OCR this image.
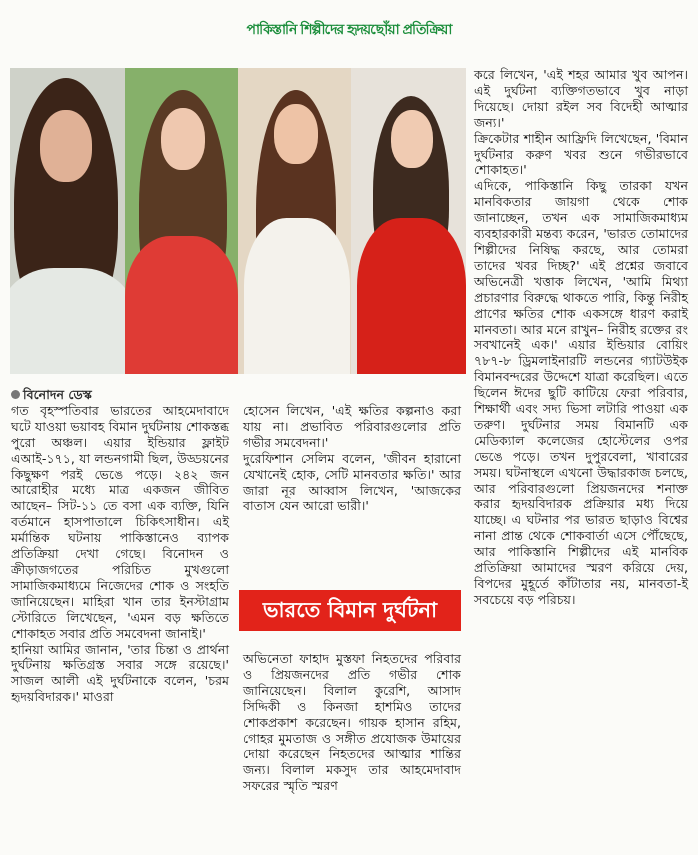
পাকিস্তানি শিল্পীদের হৃদয়ছোঁয়া প্রতিক্রিয়া
বিনোদন ডেস্ক

গত বৃহস্পতিবার ভারতের আহমেদাবাদে ঘটে যাওয়া ভয়াবহ বিমান দুর্ঘটনায় শোকস্তব্ধ পুরো অঞ্চল। এয়ার ইন্ডিয়ার ফ্লাইট এআই-১৭১, যা লন্ডনগামী ছিল, উড্ডয়নের কিছুক্ষণ পরই ভেঙে পড়ে। ২৪২ জন আরোহীর মধ্যে মাত্র একজন জীবিত আছেন– সিট-১১ তে বসা এক ব্যক্তি, যিনি বর্তমানে হাসপাতালে চিকিৎসাধীন। এই মর্মান্তিক ঘটনায় পাকিস্তানেও ব্যাপক প্রতিক্রিয়া দেখা গেছে। বিনোদন ও ক্রীড়াজগতের পরিচিত মুখগুলো সামাজিকমাধ্যমে নিজেদের শোক ও সংহতি জানিয়েছেন। মাহিরা খান তার ইনস্টাগ্রাম স্টোরিতে লিখেছেন, 'এমন বড় ক্ষতিতে শোকাহত সবার প্রতি সমবেদনা জানাই।'

হানিয়া আমির জানান, 'তার চিন্তা ও প্রার্থনা দুর্ঘটনায় ক্ষতিগ্রস্ত সবার সঙ্গে রয়েছে।' সাজল আলী এই দুর্ঘটনাকে বলেন, 'চরম হৃদয়বিদারক।' মাওরা

হোসেন লিখেন, 'এই ক্ষতির কল্পনাও করা যায় না। প্রভাবিত পরিবারগুলোর প্রতি গভীর সমবেদনা।'

দুরেফিশান সেলিম বলেন, 'জীবন হারানো যেখানেই হোক, সেটি মানবতার ক্ষতি।' আর জারা নূর আব্বাস লিখেন, 'আজকের বাতাস যেন আরো ভারী।'

ভারতে বিমান দুর্ঘটনা

অভিনেতা ফাহাদ মুস্তফা নিহতদের পরিবার ও প্রিয়জনদের প্রতি গভীর শোক জানিয়েছেন। বিলাল কুরেশি, আসাদ সিদ্দিকী ও কিনজা হাশমিও তাদের শোকপ্রকাশ করেছেন। গায়ক হাসান রহিম, গোহর মুমতাজ ও সঙ্গীত প্রযোজক উমায়ের দোয়া করেছেন নিহতদের আত্মার শান্তির জন্য। বিলাল মকসুদ তার আহমেদাবাদ সফরের স্মৃতি স্মরণ

করে লিখেন, 'এই শহর আমার খুব আপন। এই দুর্ঘটনা ব্যক্তিগতভাবে খুব নাড়া দিয়েছে। দোয়া রইল সব বিদেহী আত্মার জন্য।'

ক্রিকেটার শাহীন আফ্রিদি লিখেছেন, 'বিমান দুর্ঘটনার করুণ খবর শুনে গভীরভাবে শোকাহত।'

এদিকে, পাকিস্তানি কিছু তারকা যখন মানবিকতার জায়গা থেকে শোক জানাচ্ছেন, তখন এক সামাজিকমাধ্যম ব্যবহারকারী মন্তব্য করেন, 'ভারত তোমাদের শিল্পীদের নিষিদ্ধ করছে, আর তোমরা তাদের খবর দিচ্ছ?' এই প্রশ্নের জবাবে অভিনেত্রী খত্তাক লিখেন, 'আমি মিথ্যা প্রচারণার বিরুদ্ধে থাকতে পারি, কিন্তু নিরীহ প্রাণের ক্ষতির শোক একসঙ্গে ধারণ করাই মানবতা। আর মনে রাখুন– নিরীহ রক্তের রং সবখানেই এক।' এয়ার ইন্ডিয়ার বোয়িং ৭৮৭-৮ ড্রিমলাইনারটি লন্ডনের গ্যাটউইক বিমানবন্দরের উদ্দেশে যাত্রা করেছিল। এতে ছিলেন ঈদের ছুটি কাটিয়ে ফেরা পরিবার, শিক্ষার্থী এবং সদ্য ভিসা লটারি পাওয়া এক তরুণ। দুর্ঘটনার সময় বিমানটি এক মেডিক্যাল কলেজের হোস্টেলের ওপর ভেঙে পড়ে। তখন দুপুরবেলা, খাবারের সময়। ঘটনাস্থলে এখনো উদ্ধারকাজ চলছে, আর পরিবারগুলো প্রিয়জনদের শনাক্ত করার হৃদয়বিদারক প্রক্রিয়ার মধ্য দিয়ে যাচ্ছে। এ ঘটনার পর ভারত ছাড়াও বিশ্বের নানা প্রান্ত থেকে শোকবার্তা এসে পৌঁছেছে, আর পাকিস্তানি শিল্পীদের এই মানবিক প্রতিক্রিয়া আমাদের স্মরণ করিয়ে দেয়, বিপদের মুহূর্তে কাঁটাতার নয়, মানবতা-ই সবচেয়ে বড় পরিচয়।
